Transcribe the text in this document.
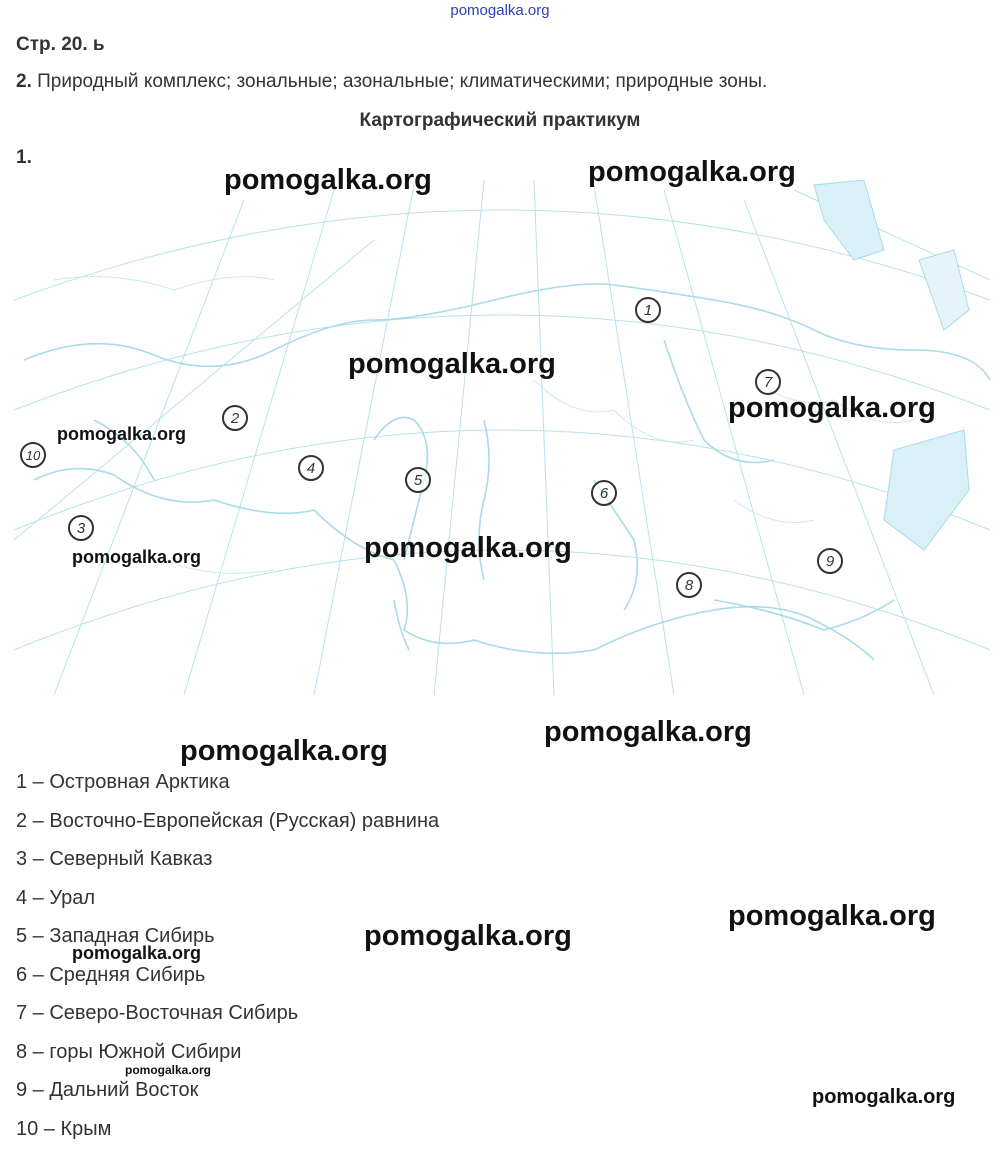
pomogalka.org
Стр. 20. ь
2. Природный комплекс; зональные; азональные; климатическими; природные зоны.
Картографический практикум
1.
1
2
3
4
5
6
7
8
9
10
1 – Островная Арктика
2 – Восточно-Европейская (Русская) равнина
3 – Северный Кавказ
4 – Урал
5 – Западная Сибирь
6 – Средняя Сибирь
7 – Северо-Восточная Сибирь
8 – горы Южной Сибири
9 – Дальний Восток
10 – Крым
pomogalka.org	pomogalka.org
pomogalka.org
pomogalka.org
pomogalka.org
pomogalka.org
pomogalka.org
pomogalka.org
pomogalka.org
pomogalka.org
pomogalka.org
pomogalka.org
pomogalka.org
pomogalka.org
